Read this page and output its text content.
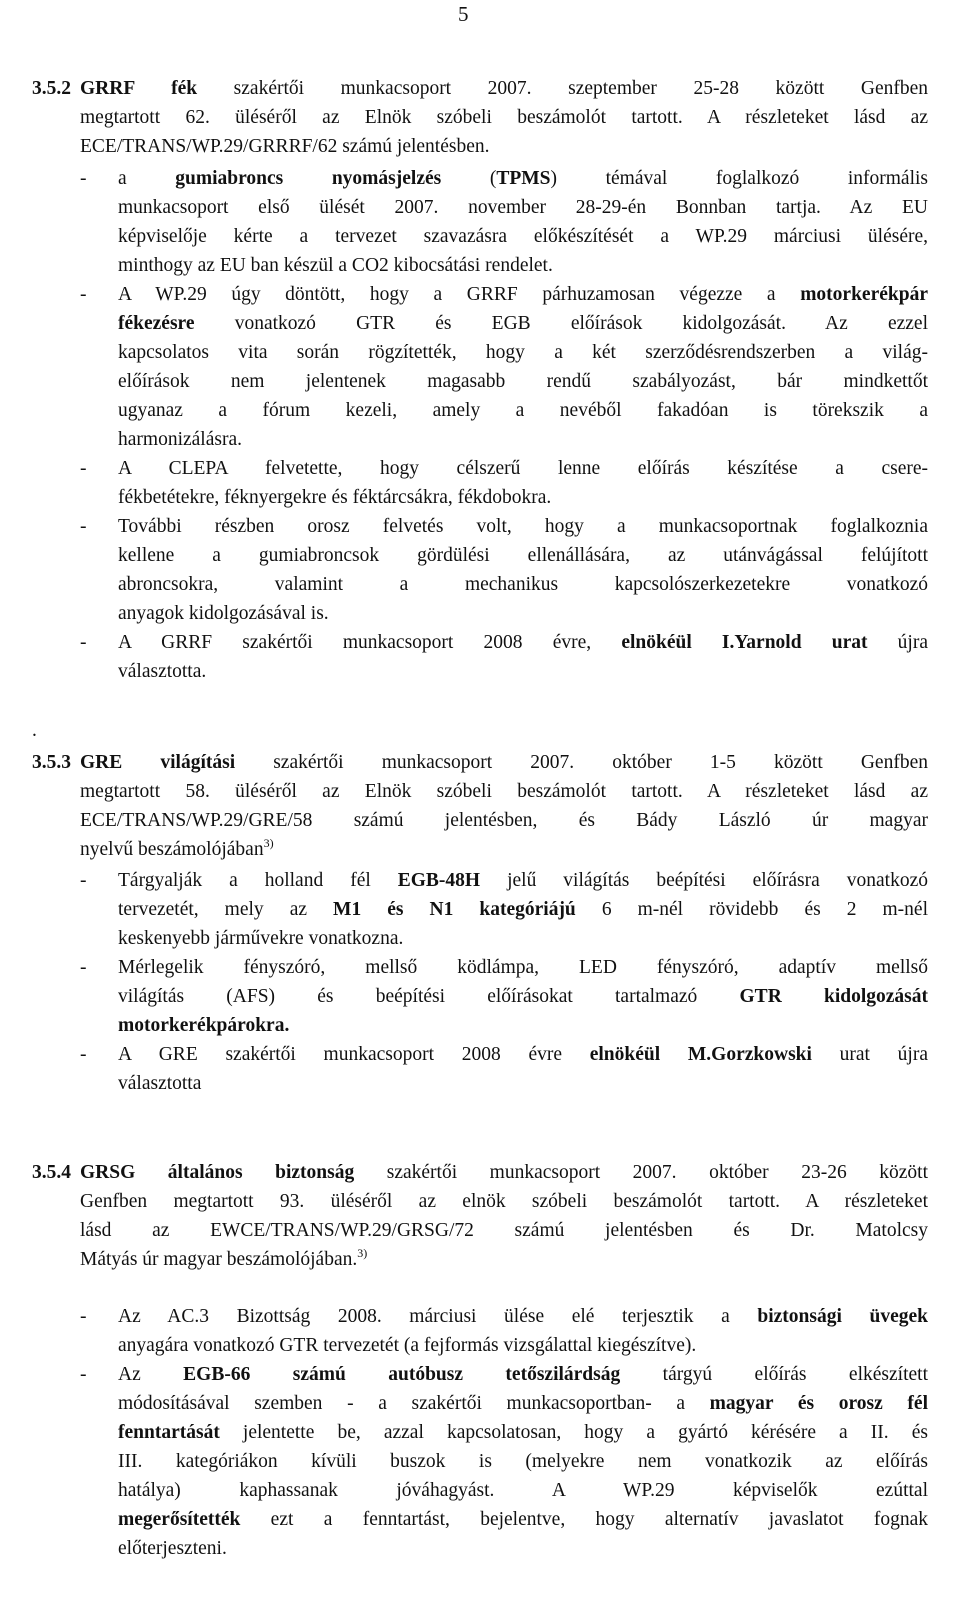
5
3.5.2 GRRF fék szakértői munkacsoport 2007. szeptember 25-28 között Genfben
megtartott 62. üléséről az Elnök szóbeli beszámolót tartott. A részleteket lásd az
ECE/TRANS/WP.29/GRRRF/62 számú jelentésben.
- a gumiabroncs nyomásjelzés (TPMS) témával foglalkozó informális
munkacsoport első ülését 2007. november 28-29-én Bonnban tartja. Az EU
képviselője kérte a tervezet szavazásra előkészítését a WP.29 márciusi ülésére,
minthogy az EU ban készül a CO2 kibocsátási rendelet.
- A WP.29 úgy döntött, hogy a GRRF párhuzamosan végezze a motorkerékpár
fékezésre vonatkozó GTR és EGB előírások kidolgozását. Az ezzel
kapcsolatos vita során rögzítették, hogy a két szerződésrendszerben a világ-
előírások nem jelentenek magasabb rendű szabályozást, bár mindkettőt
ugyanaz a fórum kezeli, amely a nevéből fakadóan is törekszik a
harmonizálásra.
- A CLEPA felvetette, hogy célszerű lenne előírás készítése a csere-
fékbetétekre, féknyergekre és féktárcsákra, fékdobokra.
- További részben orosz felvetés volt, hogy a munkacsoportnak foglalkoznia
kellene a gumiabroncsok gördülési ellenállására, az utánvágással felújított
abroncsokra, valamint a mechanikus kapcsolószerkezetekre vonatkozó
anyagok kidolgozásával is.
- A GRRF szakértői munkacsoport 2008 évre, elnökéül I.Yarnold urat újra
választotta.
.
3.5.3 GRE világítási szakértői munkacsoport 2007. október 1-5 között Genfben
megtartott 58. üléséről az Elnök szóbeli beszámolót tartott. A részleteket lásd az
ECE/TRANS/WP.29/GRE/58 számú jelentésben, és Bády László úr magyar
nyelvű beszámolójában$^{3)}$
- Tárgyalják a holland fél EGB-48H jelű világítás beépítési előírásra vonatkozó
tervezetét, mely az M1 és N1 kategóriájú 6 m-nél rövidebb és 2 m-nél
keskenyebb járművekre vonatkozna.
- Mérlegelik fényszóró, mellső ködlámpa, LED fényszóró, adaptív mellső
világítás (AFS) és beépítési előírásokat tartalmazó GTR kidolgozását
motorkerékpárokra.
- A GRE szakértői munkacsoport 2008 évre elnökéül M.Gorzkowski urat újra
választotta
3.5.4 GRSG általános biztonság szakértői munkacsoport 2007. október 23-26 között
Genfben megtartott 93. üléséről az elnök szóbeli beszámolót tartott. A részleteket
lásd az EWCE/TRANS/WP.29/GRSG/72 számú jelentésben és Dr. Matolcsy
Mátyás úr magyar beszámolójában.$^{3)}$
- Az AC.3 Bizottság 2008. márciusi ülése elé terjesztik a biztonsági üvegek
anyagára vonatkozó GTR tervezetét (a fejformás vizsgálattal kiegészítve).
- Az EGB-66 számú autóbusz tetőszilárdság tárgyú előírás elkészített
módosításával szemben - a szakértői munkacsoportban- a magyar és orosz fél
fenntartását jelentette be, azzal kapcsolatosan, hogy a gyártó kérésére a II. és
III. kategóriákon kívüli buszok is (melyekre nem vonatkozik az előírás
hatálya) kaphassanak jóváhagyást. A WP.29 képviselők ezúttal
megerősítették ezt a fenntartást, bejelentve, hogy alternatív javaslatot fognak
előterjeszteni.
